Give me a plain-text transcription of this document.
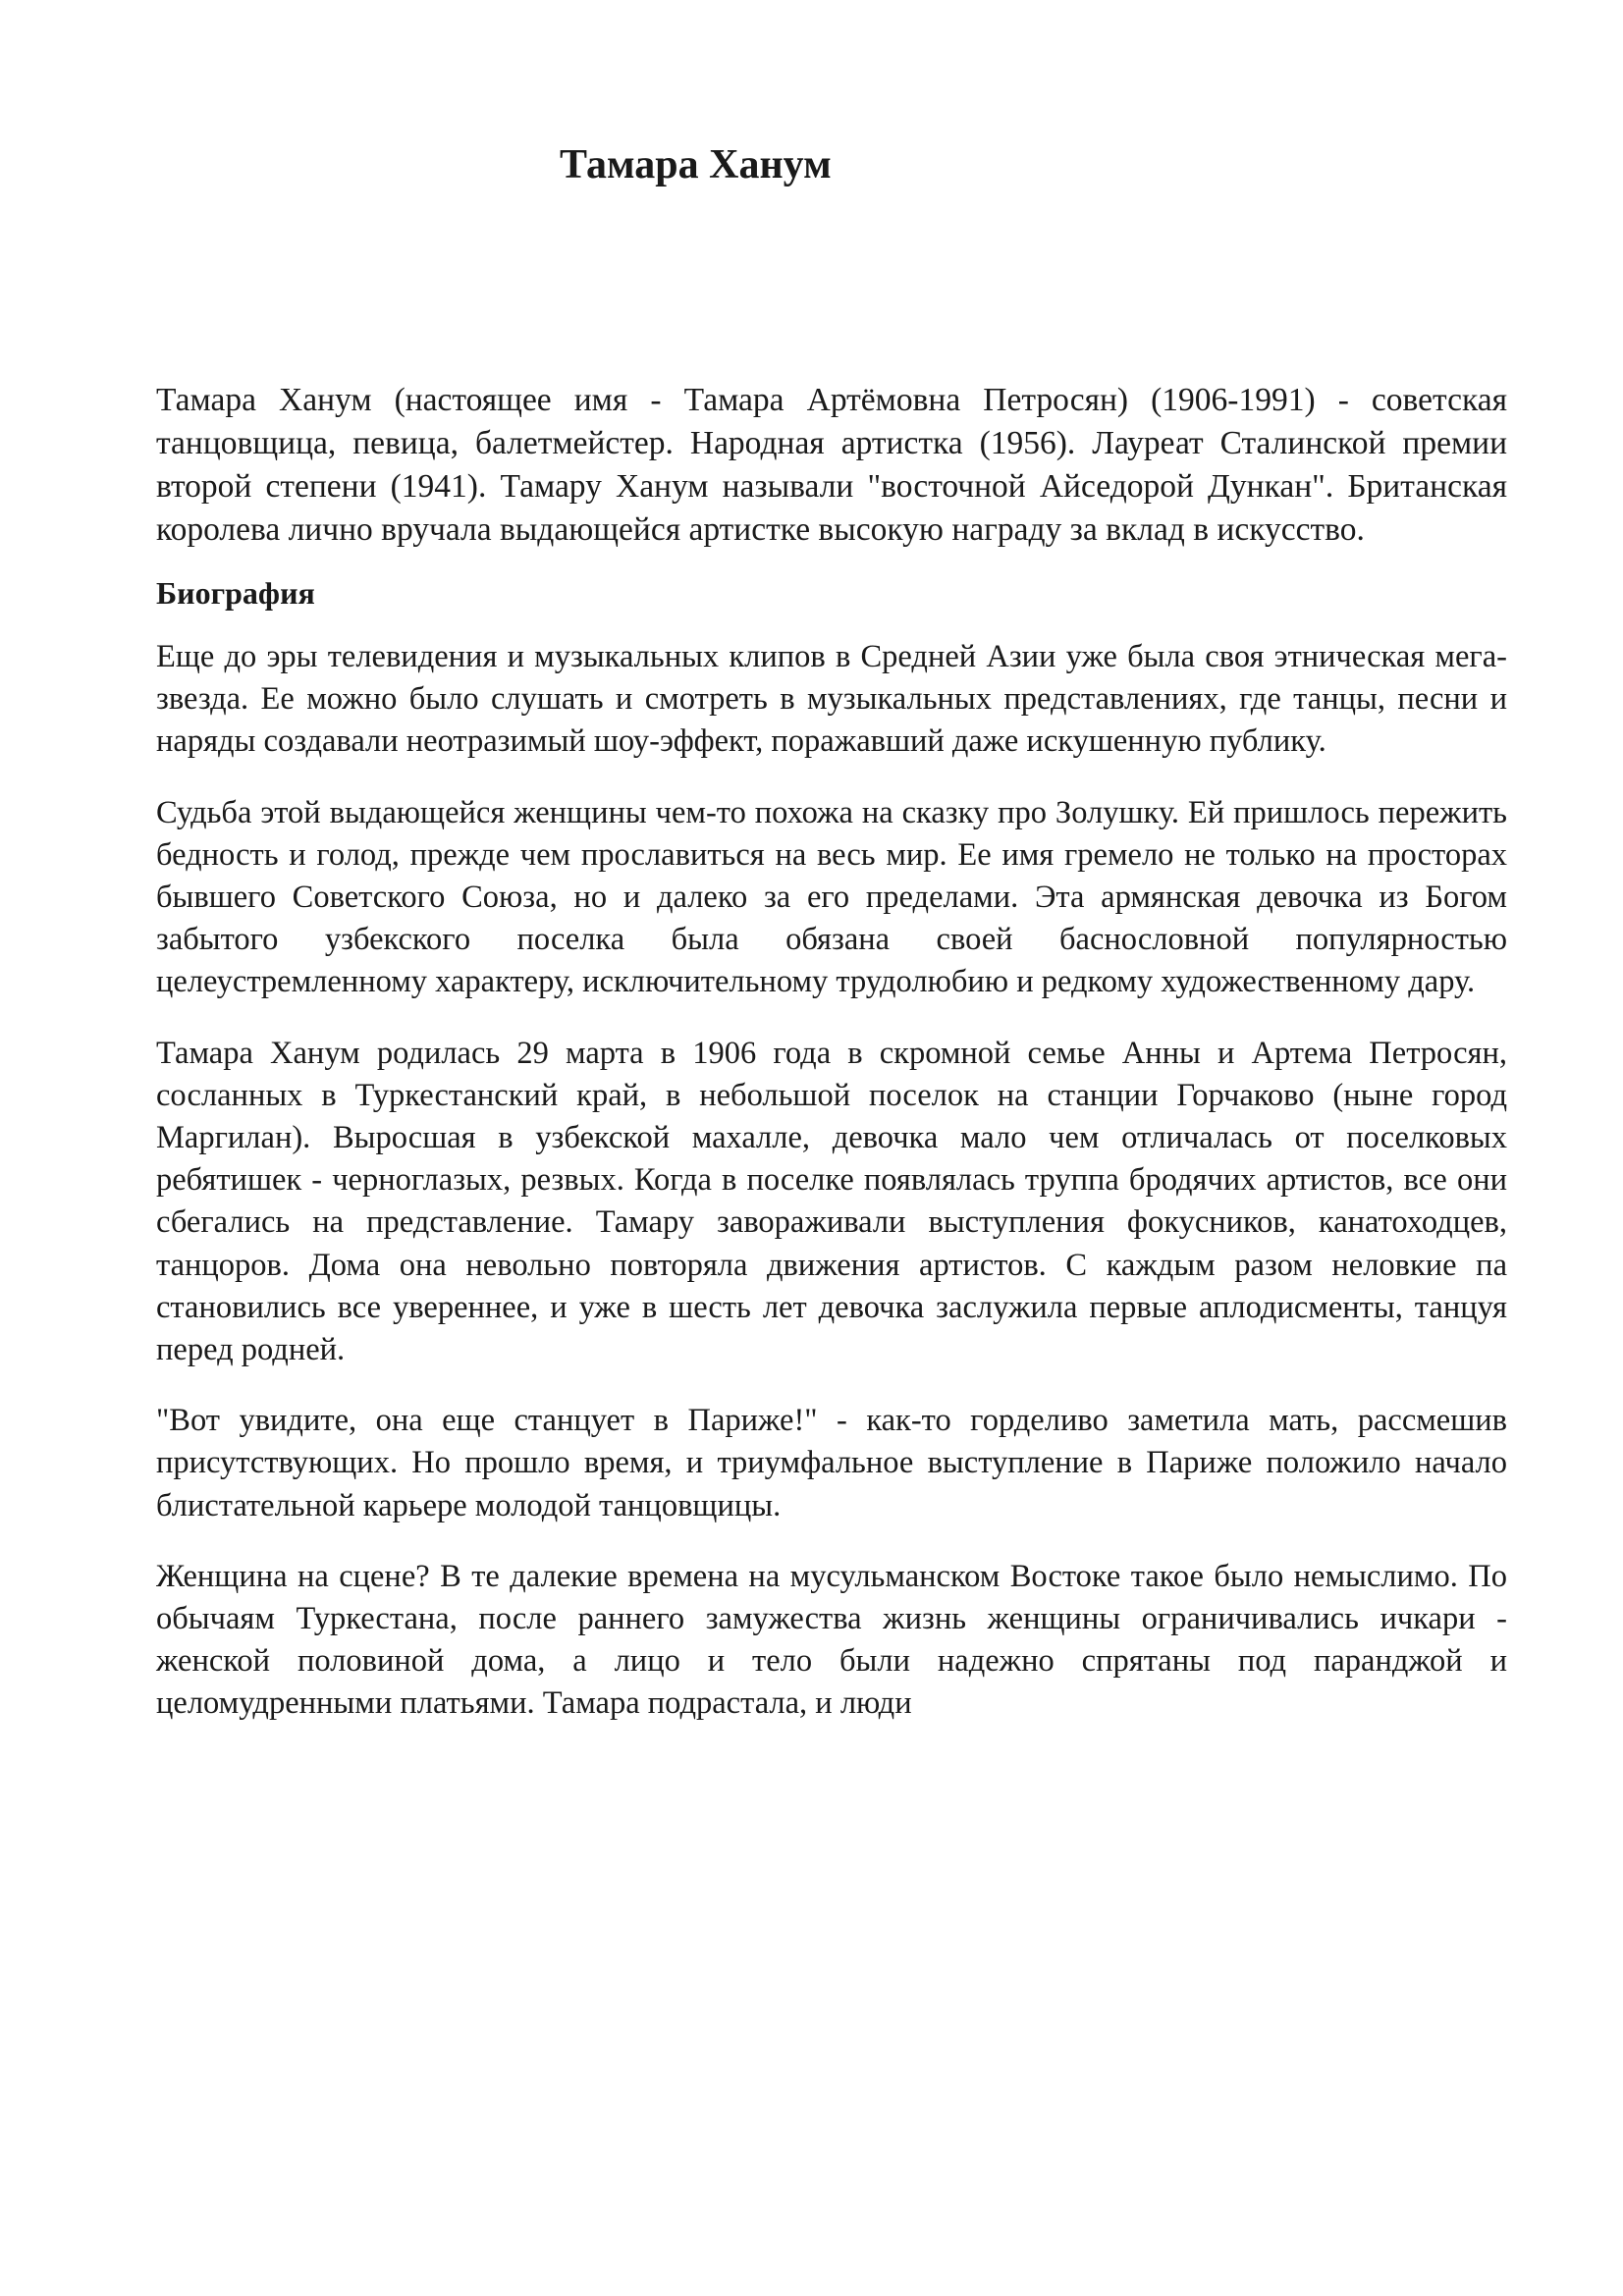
Тамара Ханум

Тамара Ханум (настоящее имя - Тамара Артёмовна Петросян) (1906-1991) - советская танцовщица, певица, балетмейстер. Народная артистка (1956). Лауреат Сталинской премии второй степени (1941). Тамару Ханум называли "восточной Айседорой Дункан". Британская королева лично вручала выдающейся артистке высокую награду за вклад в искусство.

Биография

Еще до эры телевидения и музыкальных клипов в Средней Азии уже была своя этническая мега-звезда. Ее можно было слушать и смотреть в музыкальных представлениях, где танцы, песни и наряды создавали неотразимый шоу-эффект, поражавший даже искушенную публику.

Судьба этой выдающейся женщины чем-то похожа на сказку про Золушку. Ей пришлось пережить бедность и голод, прежде чем прославиться на весь мир. Ее имя гремело не только на просторах бывшего Советского Союза, но и далеко за его пределами. Эта армянская девочка из Богом забытого узбекского поселка была обязана своей баснословной популярностью целеустремленному характеру, исключительному трудолюбию и редкому художественному дару.

Тамара Ханум родилась 29 марта в 1906 года в скромной семье Анны и Артема Петросян, сосланных в Туркестанский край, в небольшой поселок на станции Горчаково (ныне город Маргилан). Выросшая в узбекской махалле, девочка мало чем отличалась от поселковых ребятишек - черноглазых, резвых. Когда в поселке появлялась труппа бродячих артистов, все они сбегались на представление. Тамару завораживали выступления фокусников, канатоходцев, танцоров. Дома она невольно повторяла движения артистов. С каждым разом неловкие па становились все увереннее, и уже в шесть лет девочка заслужила первые аплодисменты, танцуя перед родней.

"Вот увидите, она еще станцует в Париже!" - как-то горделиво заметила мать, рассмешив присутствующих. Но прошло время, и триумфальное выступление в Париже положило начало блистательной карьере молодой танцовщицы.

Женщина на сцене? В те далекие времена на мусульманском Востоке такое было немыслимо. По обычаям Туркестана, после раннего замужества жизнь женщины ограничивались ичкари - женской половиной дома, а лицо и тело были надежно спрятаны под паранджой и целомудренными платьями. Тамара подрастала, и люди
